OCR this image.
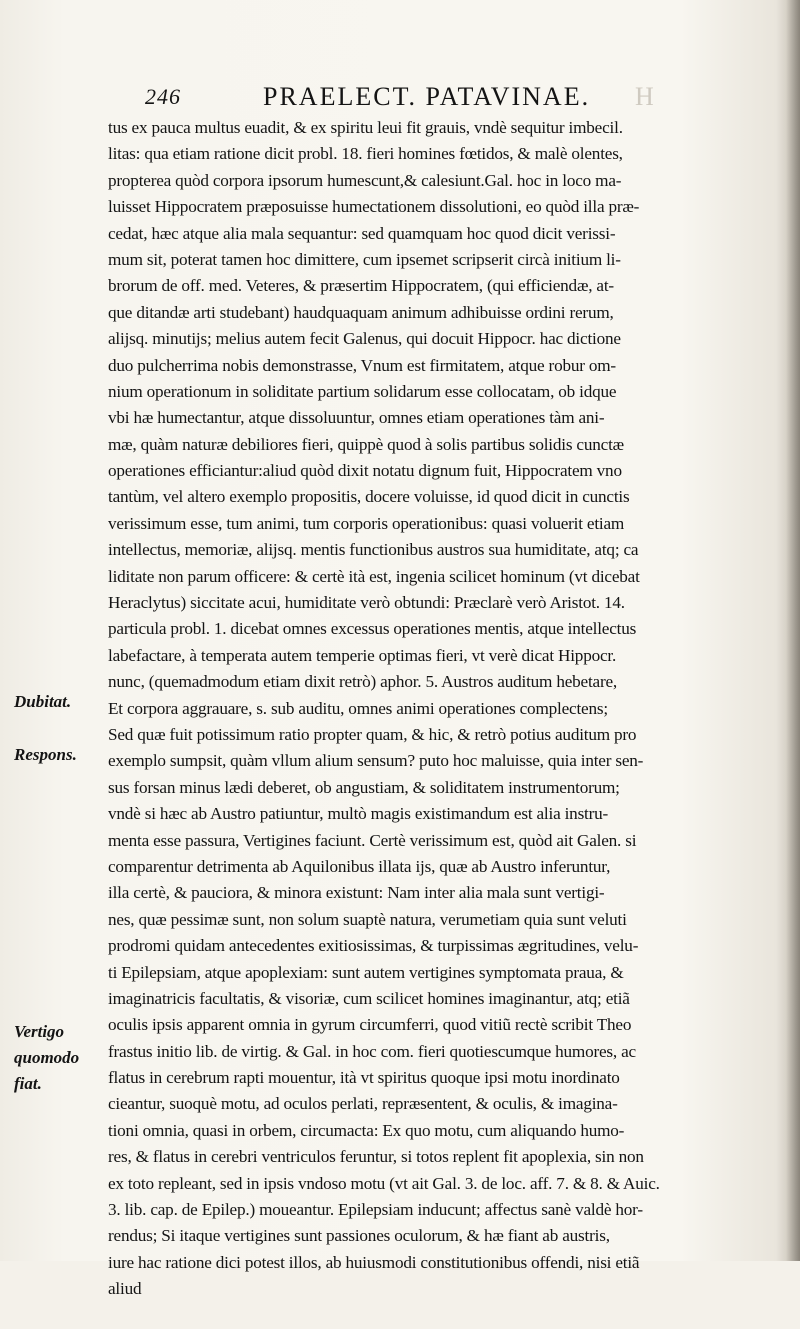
246	PRAELECT. PATAVINAE. H
Dubitat.
Respons.
Vertigo
quomodo
fiat.
tus ex pauca multus euadit, & ex spiritu leui fit grauis, vndè sequitur imbecil.
litas: qua etiam ratione dicit probl. 18. fieri homines fœtidos, & malè olentes,
propterea quòd corpora ipsorum humescunt,& calesiunt.Gal. hoc in loco ma-
luisset Hippocratem præposuisse humectationem dissolutioni, eo quòd illa præ-
cedat, hæc atque alia mala sequantur: sed quamquam hoc quod dicit verissi-
mum sit, poterat tamen hoc dimittere, cum ipsemet scripserit circà initium li-
brorum de off. med. Veteres, & præsertim Hippocratem, (qui efficiendæ, at-
que ditandæ arti studebant) haudquaquam animum adhibuisse ordini rerum,
alijsq. minutijs; melius autem fecit Galenus, qui docuit Hippocr. hac dictione
duo pulcherrima nobis demonstrasse, Vnum est firmitatem, atque robur om-
nium operationum in soliditate partium solidarum esse collocatam, ob idque
vbi hæ humectantur, atque dissoluuntur, omnes etiam operationes tàm ani-
mæ, quàm naturæ debiliores fieri, quippè quod à solis partibus solidis cunctæ
operationes efficiantur:aliud quòd dixit notatu dignum fuit, Hippocratem vno
tantùm, vel altero exemplo propositis, docere voluisse, id quod dicit in cunctis
verissimum esse, tum animi, tum corporis operationibus: quasi voluerit etiam
intellectus, memoriæ, alijsq. mentis functionibus austros sua humiditate, atq; ca
liditate non parum officere: & certè ità est, ingenia scilicet hominum (vt dicebat
Heraclytus) siccitate acui, humiditate verò obtundi: Præclarè verò Aristot. 14.
particula probl. 1. dicebat omnes excessus operationes mentis, atque intellectus
labefactare, à temperata autem temperie optimas fieri, vt verè dicat Hippocr.
nunc, (quemadmodum etiam dixit retrò) aphor. 5. Austros auditum hebetare,
Et corpora aggrauare, s. sub auditu, omnes animi operationes complectens;
Sed quæ fuit potissimum ratio propter quam, & hic, & retrò potius auditum pro
exemplo sumpsit, quàm vllum alium sensum? puto hoc maluisse, quia inter sen-
sus forsan minus lædi deberet, ob angustiam, & soliditatem instrumentorum;
vndè si hæc ab Austro patiuntur, multò magis existimandum est alia instru-
menta esse passura, Vertigines faciunt. Certè verissimum est, quòd ait Galen. si
comparentur detrimenta ab Aquilonibus illata ijs, quæ ab Austro inferuntur,
illa certè, & pauciora, & minora existunt: Nam inter alia mala sunt vertigi-
nes, quæ pessimæ sunt, non solum suaptè natura, verumetiam quia sunt veluti
prodromi quidam antecedentes exitiosissimas, & turpissimas ægritudines, velu-
ti Epilepsiam, atque apoplexiam: sunt autem vertigines symptomata praua, &
imaginatricis facultatis, & visoriæ, cum scilicet homines imaginantur, atq; etiã
oculis ipsis apparent omnia in gyrum circumferri, quod vitiũ rectè scribit Theo
frastus initio lib. de virtig. & Gal. in hoc com. fieri quotiescumque humores, ac
flatus in cerebrum rapti mouentur, ità vt spiritus quoque ipsi motu inordinato
cieantur, suoquè motu, ad oculos perlati, repræsentent, & oculis, & imagina-
tioni omnia, quasi in orbem, circumacta: Ex quo motu, cum aliquando humo-
res, & flatus in cerebri ventriculos feruntur, si totos replent fit apoplexia, sin non
ex toto repleant, sed in ipsis vndoso motu (vt ait Gal. 3. de loc. aff. 7. & 8. & Auic.
3. lib. cap. de Epilep.) moueantur. Epilepsiam inducunt; affectus sanè valdè hor-
rendus; Si itaque vertigines sunt passiones oculorum, & hæ fiant ab austris,
iure hac ratione dici potest illos, ab huiusmodi constitutionibus offendi, nisi etiã
aliud
